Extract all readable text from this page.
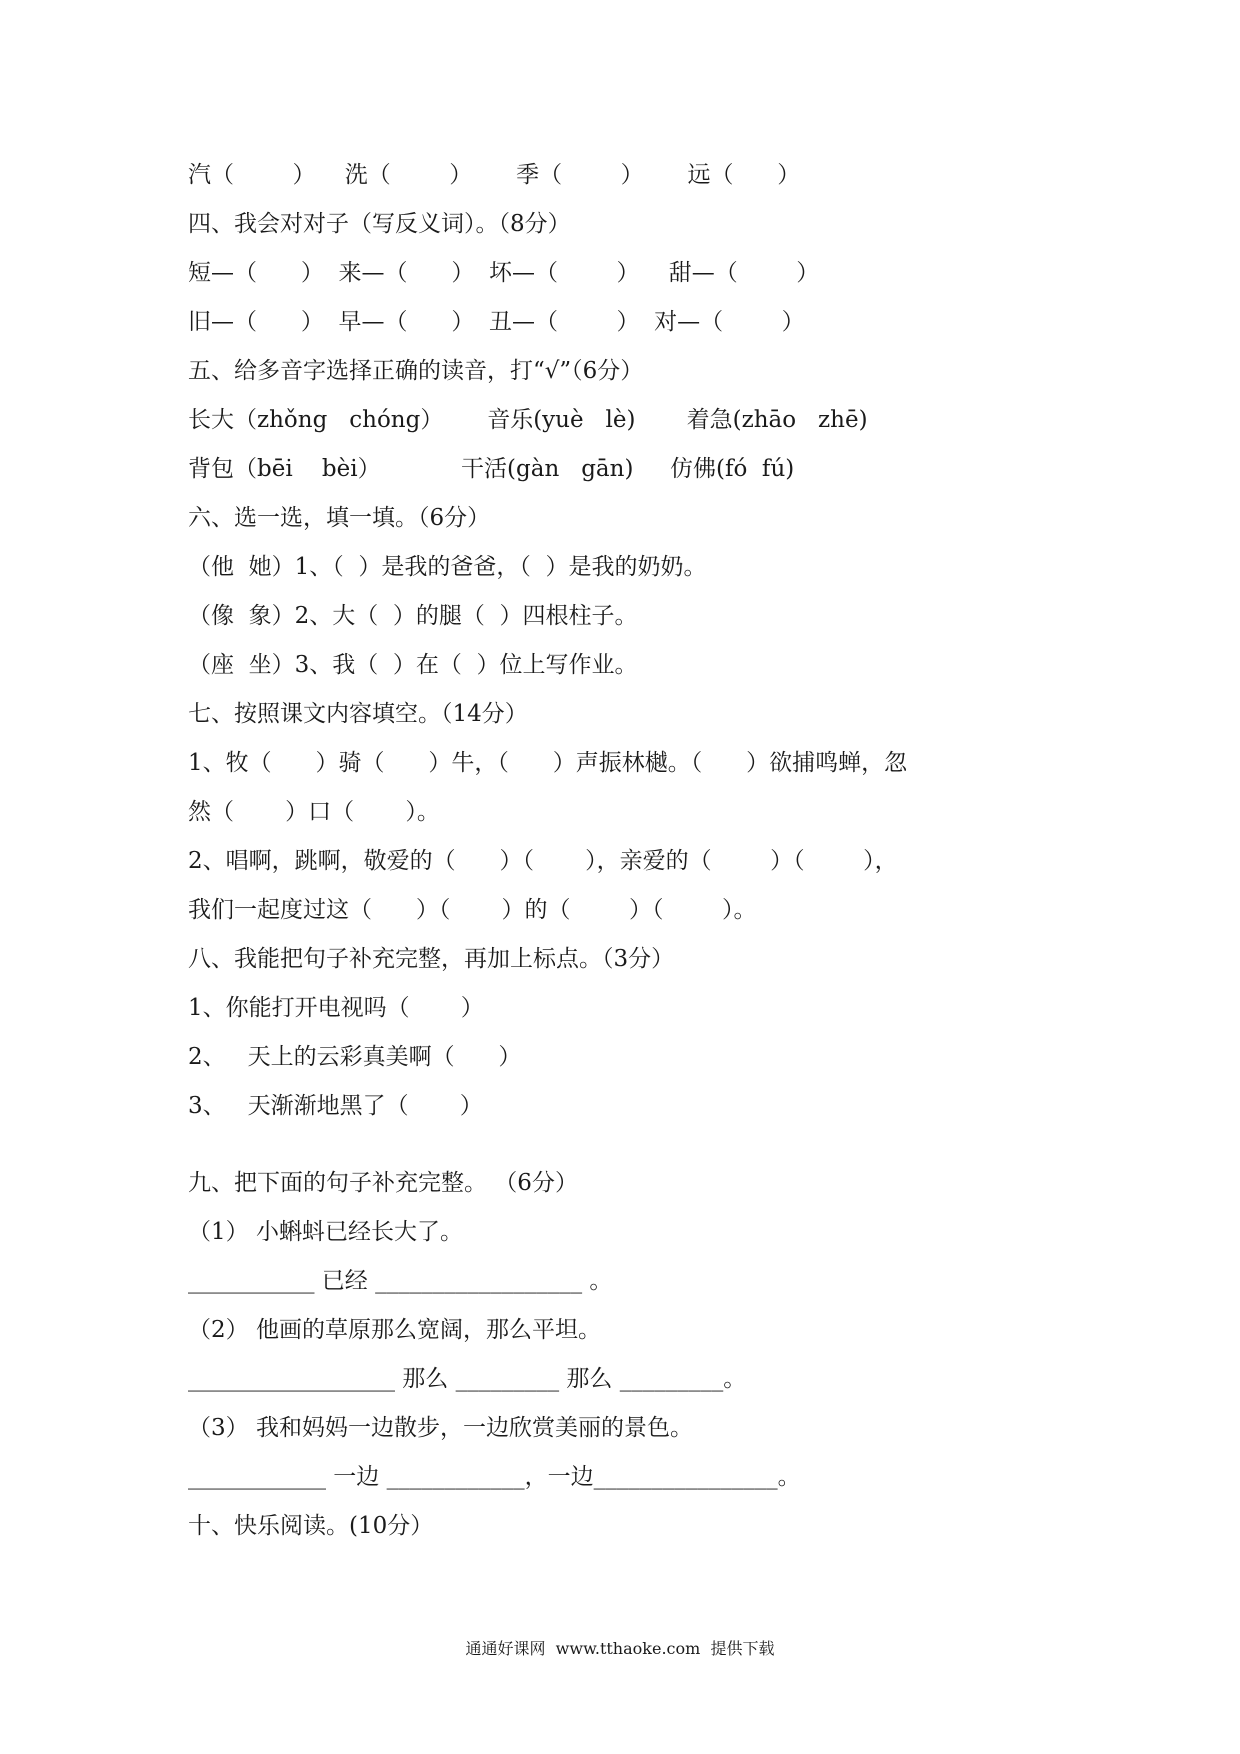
汽（        ）    洗（        ）      季（        ）      远（      ）

四、我会对对子（写反义词）。（8分）

短—（      ）  来—（      ）  坏—（        ）    甜—（        ）

旧—（      ）  早—（      ）  丑—（        ）  对—（        ）

五、给多音字选择正确的读音，打“√”（6分）

长大（zhǒng   chóng）      音乐(yuè   lè)       着急(zhāo   zhē)

背包（bēi    bèi）           干活(gàn   gān)     仿佛(fó  fú)

六、选一选，填一填。（6分）

（他  她）1、（  ）是我的爸爸，（  ）是我的奶奶。

（像  象）2、大（  ）的腿（  ）四根柱子。

（座  坐）3、我（  ）在（  ）位上写作业。

七、按照课文内容填空。（14分）

1、牧（      ）骑（      ）牛，（      ）声振林樾。（      ）欲捕鸣蝉，忽

然（       ）口（       ）。

2、唱啊，跳啊，敬爱的（      ）（       ），亲爱的（        ）（        ），

我们一起度过这（      ）（       ）的（        ）（        ）。

八、我能把句子补充完整，再加上标点。（3分）

1、你能打开电视吗（       ）

2、   天上的云彩真美啊（      ）

3、   天渐渐地黑了（       ）

九、把下面的句子补充完整。 （6分）

（1） 小蝌蚪已经长大了。

___________ 已经 __________________ 。

（2） 他画的草原那么宽阔，那么平坦。

__________________ 那么 _________ 那么 _________。

（3） 我和妈妈一边散步，一边欣赏美丽的景色。

____________ 一边 ____________，一边________________。

十、快乐阅读。(10分）

通通好课网  www.tthaoke.com  提供下载
